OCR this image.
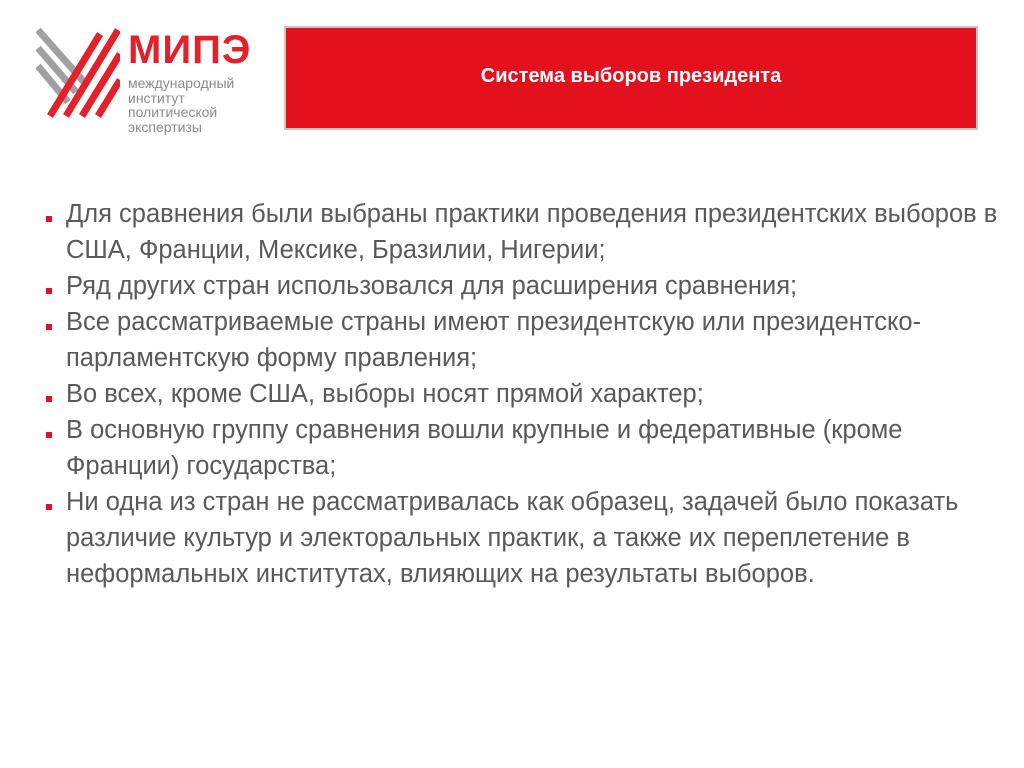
МИПЭ
международный
институт
политической
экспертизы
Система выборов президента
Для сравнения были выбраны практики проведения президентских выборов в США, Франции, Мексике, Бразилии, Нигерии;
Ряд других стран использовался для расширения сравнения;
Все рассматриваемые страны имеют президентскую или президентско-парламентскую форму правления;
Во всех, кроме США, выборы носят прямой характер;
В основную группу сравнения вошли крупные и федеративные (кроме Франции) государства;
Ни одна из стран не рассматривалась как образец, задачей было показать различие культур и электоральных практик, а также их переплетение в неформальных институтах, влияющих на результаты выборов.
